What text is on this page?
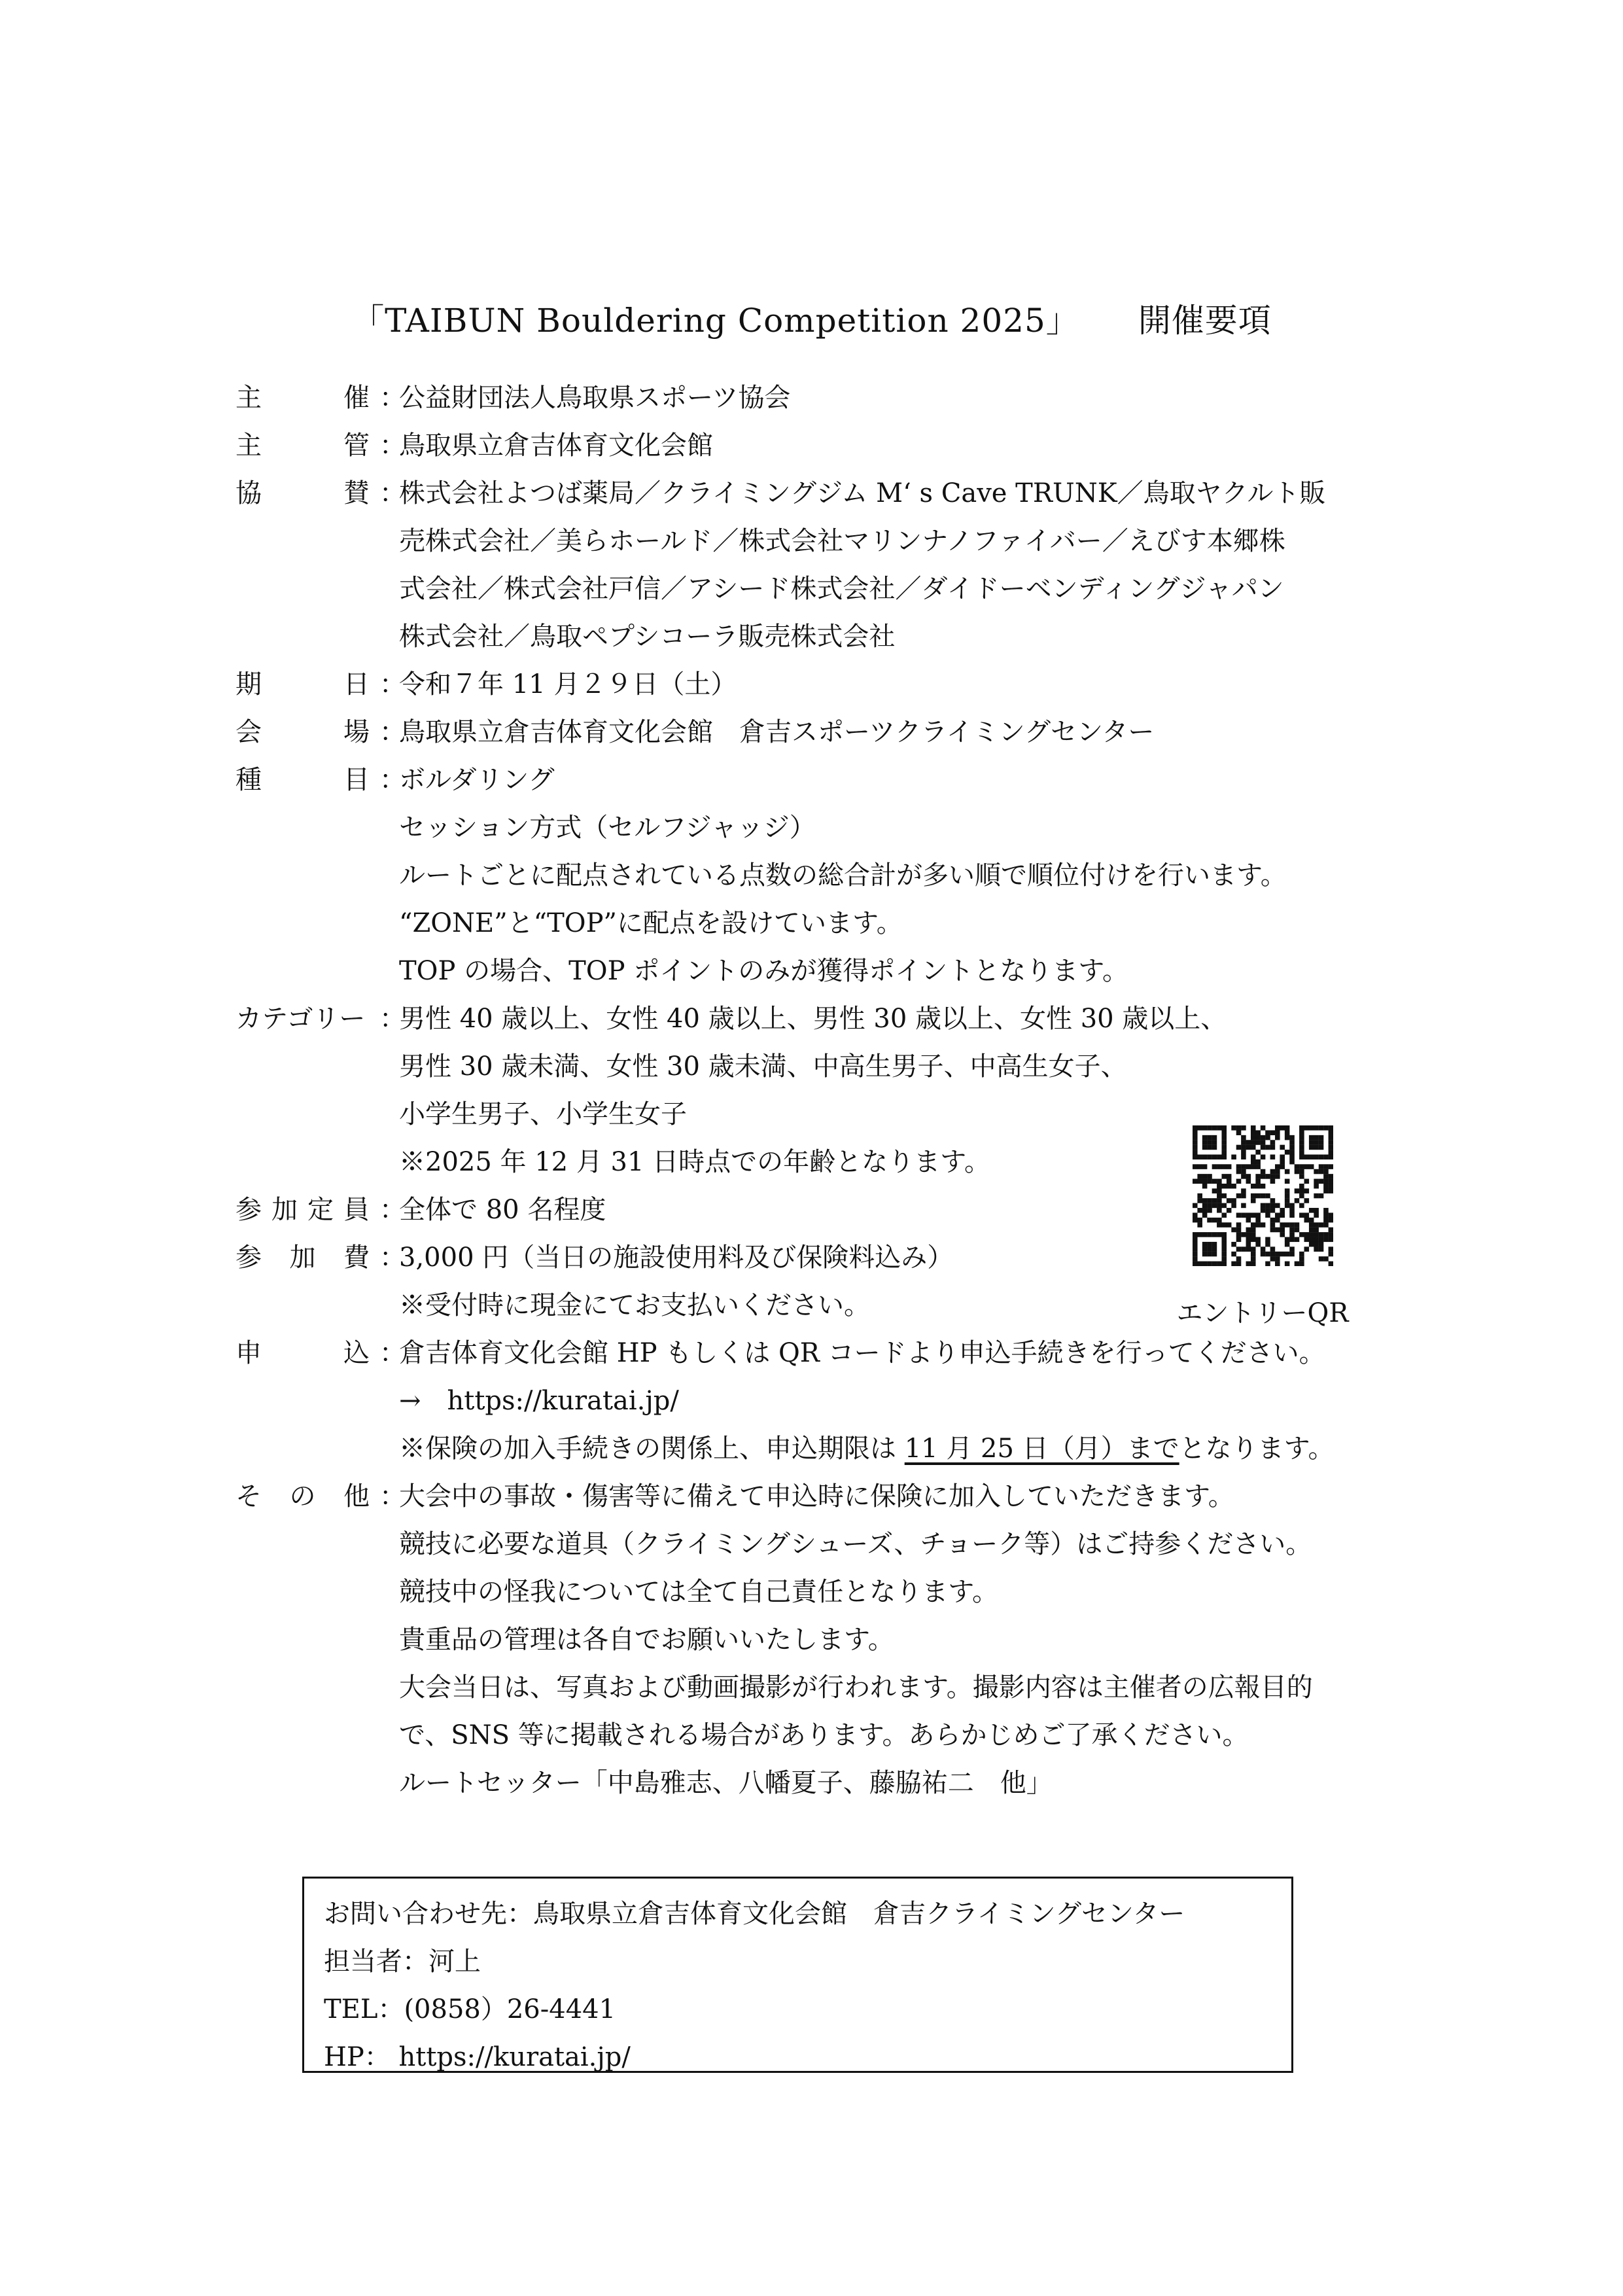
「TAIBUN Bouldering Competition 2025」 開催要項
主	催 ：
公益財団法人鳥取県スポーツ協会
主	管 ：
鳥取県立倉吉体育文化会館
協	賛 ：
株式会社よつば薬局／クライミングジム M‘ s Cave TRUNK／鳥取ヤクルト販
売株式会社／美らホールド／株式会社マリンナノファイバー／えびす本郷株
式会社／株式会社戸信／アシード株式会社／ダイドーベンディングジャパン
株式会社／鳥取ペプシコーラ販売株式会社
期	日 ：
令和７年 11 月２９日（土）
会	場 ：
鳥取県立倉吉体育文化会館　倉吉スポーツクライミングセンター
種	目 ：
ボルダリング
セッション方式（セルフジャッジ）
ルートごとに配点されている点数の総合計が多い順で順位付けを行います。
“ZONE”と“TOP”に配点を設けています。
TOP の場合、TOP ポイントのみが獲得ポイントとなります。
カテゴリー ：
男性 40 歳以上、女性 40 歳以上、男性 30 歳以上、女性 30 歳以上、
男性 30 歳未満、女性 30 歳未満、中高生男子、中高生女子、
小学生男子、小学生女子
※2025 年 12 月 31 日時点での年齢となります。
参 加 定 員 ：
全体で 80 名程度
参 加 費 ：
3,000 円（当日の施設使用料及び保険料込み）
※受付時に現金にてお支払いください。
申	込 ：
倉吉体育文化会館 HP もしくは QR コードより申込手続きを行ってください。
→　https://kuratai.jp/
※保険の加入手続きの関係上、申込期限は 11 月 25 日（月）までとなります。
そ の 他 ：
大会中の事故・傷害等に備えて申込時に保険に加入していただきます。
競技に必要な道具（クライミングシューズ、チョーク等）はご持参ください。
競技中の怪我については全て自己責任となります。
貴重品の管理は各自でお願いいたします。
大会当日は、写真および動画撮影が行われます。撮影内容は主催者の広報目的
で、SNS 等に掲載される場合があります。あらかじめご了承ください。
ルートセッター「中島雅志、八幡夏子、藤脇祐二　他」
エントリーQR
お問い合わせ先：鳥取県立倉吉体育文化会館　倉吉クライミングセンター
担当者：河上
TEL：(0858）26-4441
HP： https://kuratai.jp/
